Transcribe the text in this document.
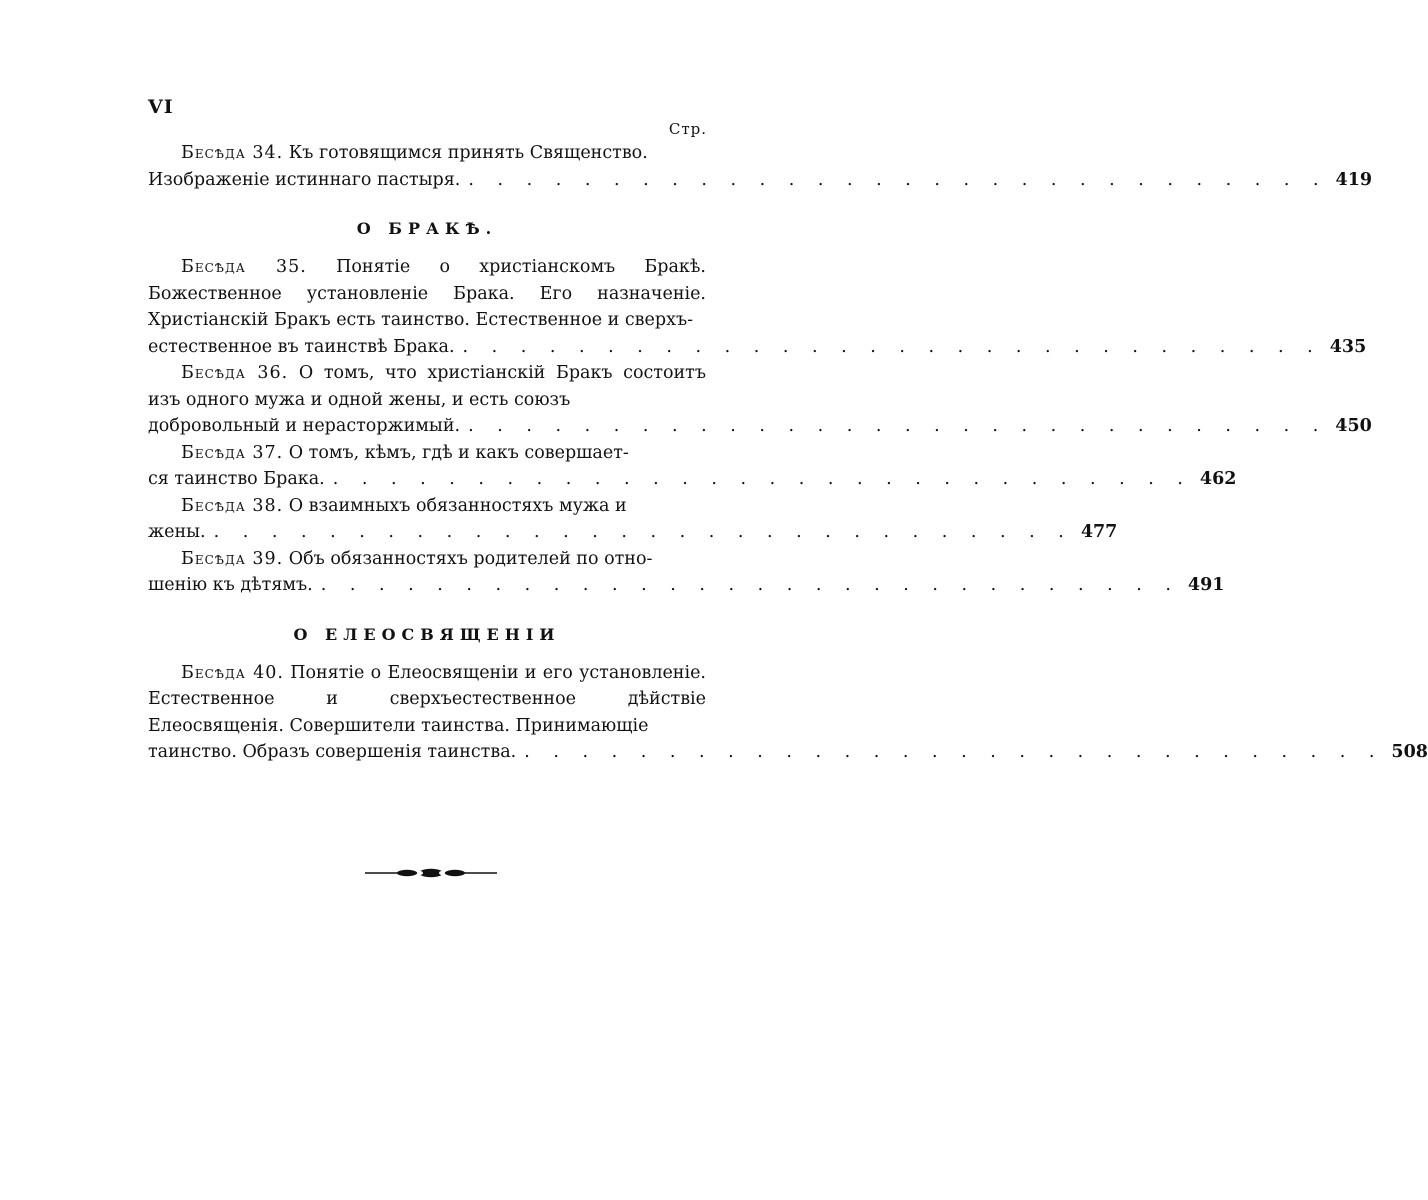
VI
Стр.
Бесѣда 34. Къ готовящимся принять Священство.
Изображеніе истиннаго пастыря. . . . . . . . . . . . . . . . . . . . . . . . . . . . . . . 419
О БРАКѢ.
Бесѣда 35. Понятіе о христіанскомъ Бракѣ. Божественное установленіе Брака. Его назначеніе. Христіанскій Бракъ есть таинство. Естественное и сверхъ-
естественное въ таинствѣ Брака. . . . . . . . . . . . . . . . . . . . . . . . . . . . . . . 435
Бесѣда 36. О томъ, что христіанскій Бракъ состоитъ изъ одного мужа и одной жены, и есть союзъ
добровольный и нерасторжимый. . . . . . . . . . . . . . . . . . . . . . . . . . . . . . . 450
Бесѣда 37. О томъ, кѣмъ, гдѣ и какъ совершает-
ся таинство Брака. . . . . . . . . . . . . . . . . . . . . . . . . . . . . . . 462
Бесѣда 38. О взаимныхъ обязанностяхъ мужа и
жены. . . . . . . . . . . . . . . . . . . . . . . . . . . . . . . 477
Бесѣда 39. Объ обязанностяхъ родителей по отно-
шенію къ дѣтямъ. . . . . . . . . . . . . . . . . . . . . . . . . . . . . . . 491
О ЕЛЕОСВЯЩЕНІИ
Бесѣда 40. Понятіе о Елеосвященіи и его установленіе. Естественное и сверхъестественное дѣйствіе Елеосвященія. Совершители таинства. Принимающіе
таинство. Образъ совершенія таинства. . . . . . . . . . . . . . . . . . . . . . . . . . . . . . . 508
